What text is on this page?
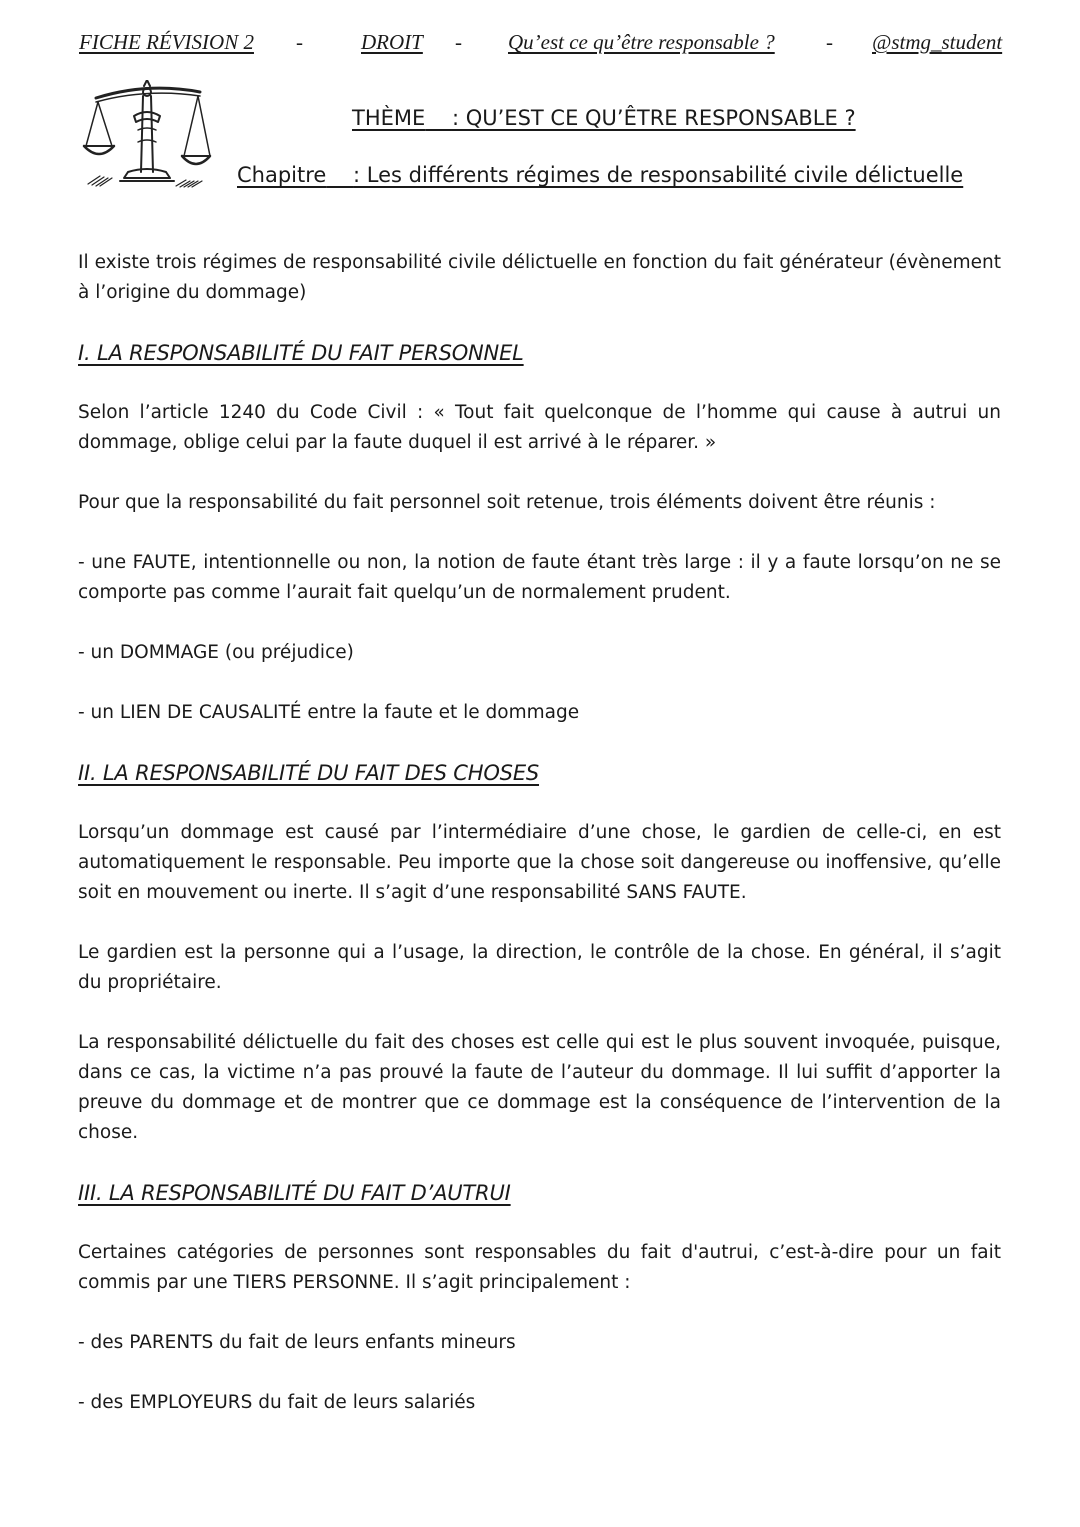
FICHE RÉVISION 2 -	DROIT - Qu’est ce qu’être responsable ? - @stmg_student
THÈME : QU’EST CE QU’ÊTRE RESPONSABLE ?
Chapitre : Les différents régimes de responsabilité civile délictuelle

Il existe trois régimes de responsabilité civile délictuelle en fonction du fait générateur (évènement à l’origine du dommage)

I. LA RESPONSABILITÉ DU FAIT PERSONNEL

Selon l’article 1240 du Code Civil : « Tout fait quelconque de l’homme qui cause à autrui un dommage, oblige celui par la faute duquel il est arrivé à le réparer. »

Pour que la responsabilité du fait personnel soit retenue, trois éléments doivent être réunis :

- une FAUTE, intentionnelle ou non, la notion de faute étant très large : il y a faute lorsqu’on ne se comporte pas comme l’aurait fait quelqu’un de normalement prudent.

- un DOMMAGE (ou préjudice)

- un LIEN DE CAUSALITÉ entre la faute et le dommage

II. LA RESPONSABILITÉ DU FAIT DES CHOSES

Lorsqu’un dommage est causé par l’intermédiaire d’une chose, le gardien de celle-ci, en est automatiquement le responsable. Peu importe que la chose soit dangereuse ou inoffensive, qu’elle soit en mouvement ou inerte. Il s’agit d’une responsabilité SANS FAUTE.

Le gardien est la personne qui a l’usage, la direction, le contrôle de la chose. En général, il s’agit du propriétaire.

La responsabilité délictuelle du fait des choses est celle qui est le plus souvent invoquée, puisque, dans ce cas, la victime n’a pas prouvé la faute de l’auteur du dommage. Il lui suffit d’apporter la preuve du dommage et de montrer que ce dommage est la conséquence de l’intervention de la chose.

III. LA RESPONSABILITÉ DU FAIT D’AUTRUI

Certaines catégories de personnes sont responsables du fait d'autrui, c’est-à-dire pour un fait commis par une TIERS PERSONNE. Il s’agit principalement :

- des PARENTS du fait de leurs enfants mineurs

- des EMPLOYEURS du fait de leurs salariés
